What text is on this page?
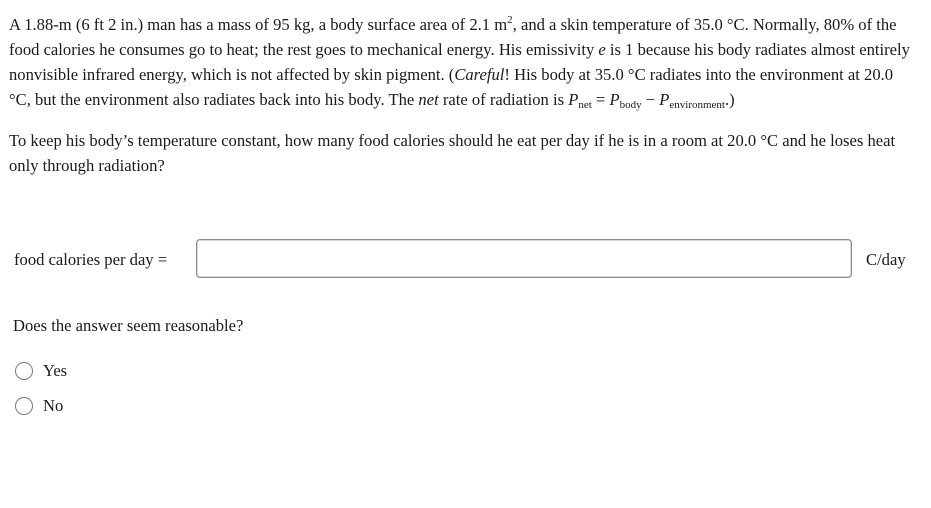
A 1.88-m (6 ft 2 in.) man has a mass of 95 kg, a body surface area of 2.1 $m^2$, and a skin temperature of 35.0 °C. Normally, 80% of the food calories he consumes go to heat; the rest goes to mechanical energy. His emissivity e is 1 because his body radiates almost entirely nonvisible infrared energy, which is not affected by skin pigment. (Careful! His body at 35.0 °C radiates into the environment at 20.0 °C, but the environment also radiates back into his body. The net rate of radiation is $P_{net} = P_{body} - P_{environment}$.)

To keep his body’s temperature constant, how many food calories should he eat per day if he is in a room at 20.0 °C and he loses heat only through radiation?

food calories per day =	C/day
Does the answer seem reasonable?
Yes
No
